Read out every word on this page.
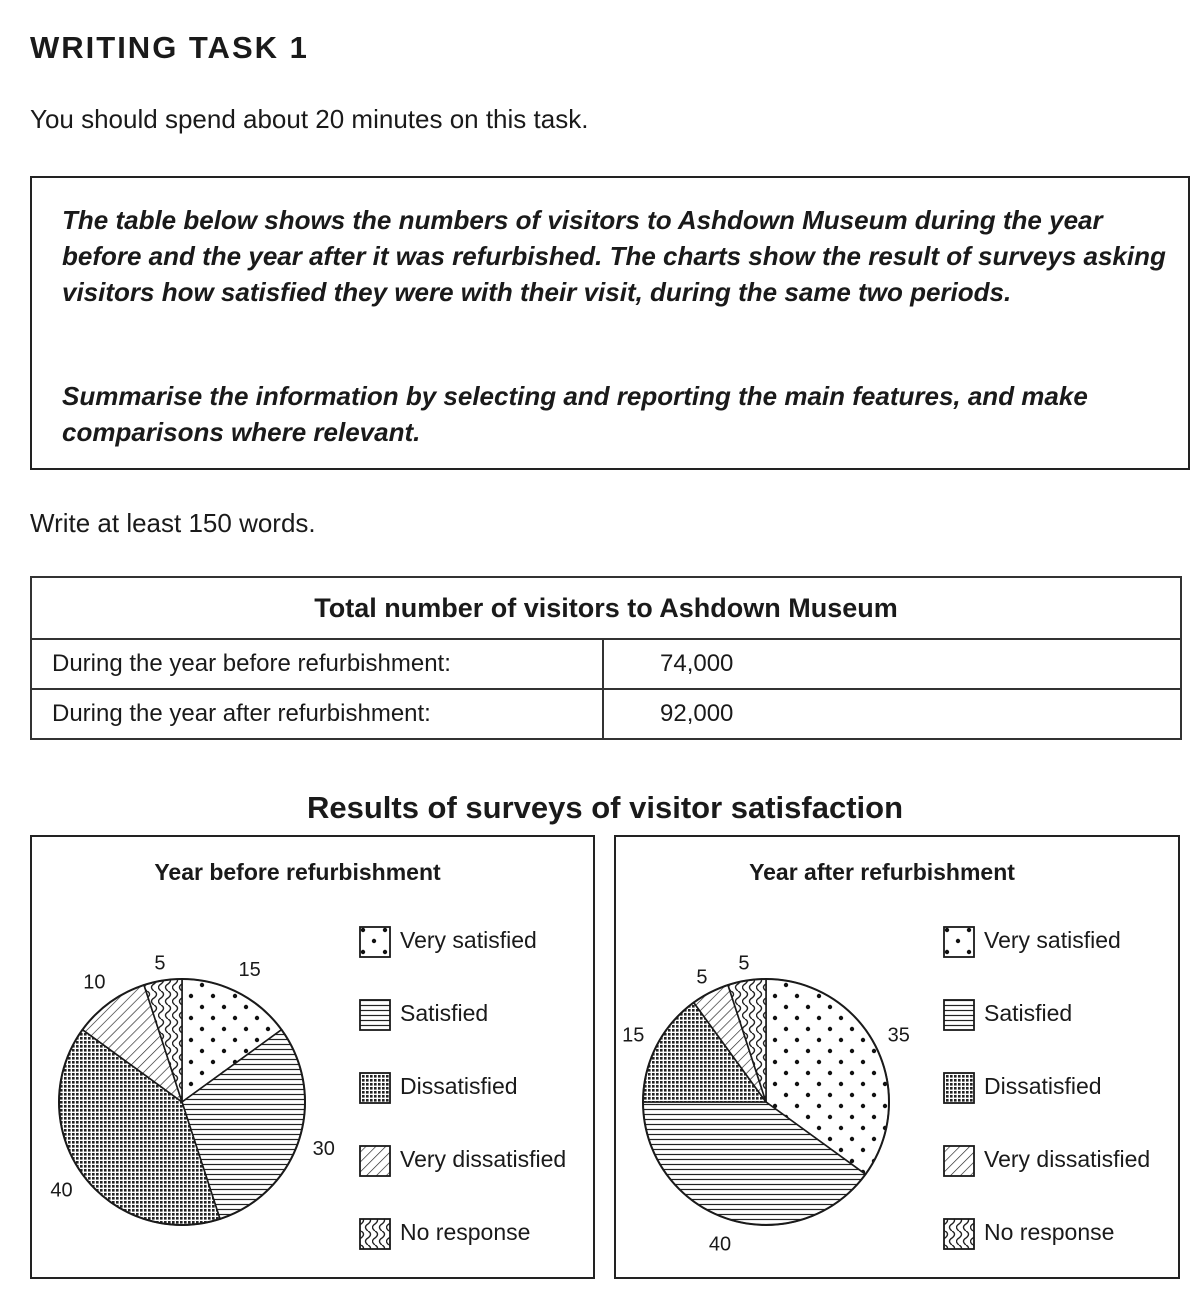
WRITING TASK 1
You should spend about 20 minutes on this task.

The table below shows the numbers of visitors to Ashdown Museum during the year before and the year after it was refurbished. The charts show the result of surveys asking visitors how satisfied they were with their visit, during the same two periods.

Summarise the information by selecting and reporting the main features, and make comparisons where relevant.

Write at least 150 words.
Total number of visitors to Ashdown Museum	
During the year before refurbishment:	74,000
During the year after refurbishment:	92,000
Results of surveys of visitor satisfaction
Year before refurbishment
15
30
40
10
5
Very satisfied
Satisfied
Dissatisfied
Very dissatisfied
No response
Year after refurbishment
35
40
15
5
5
Very satisfied
Satisfied
Dissatisfied
Very dissatisfied
No response
